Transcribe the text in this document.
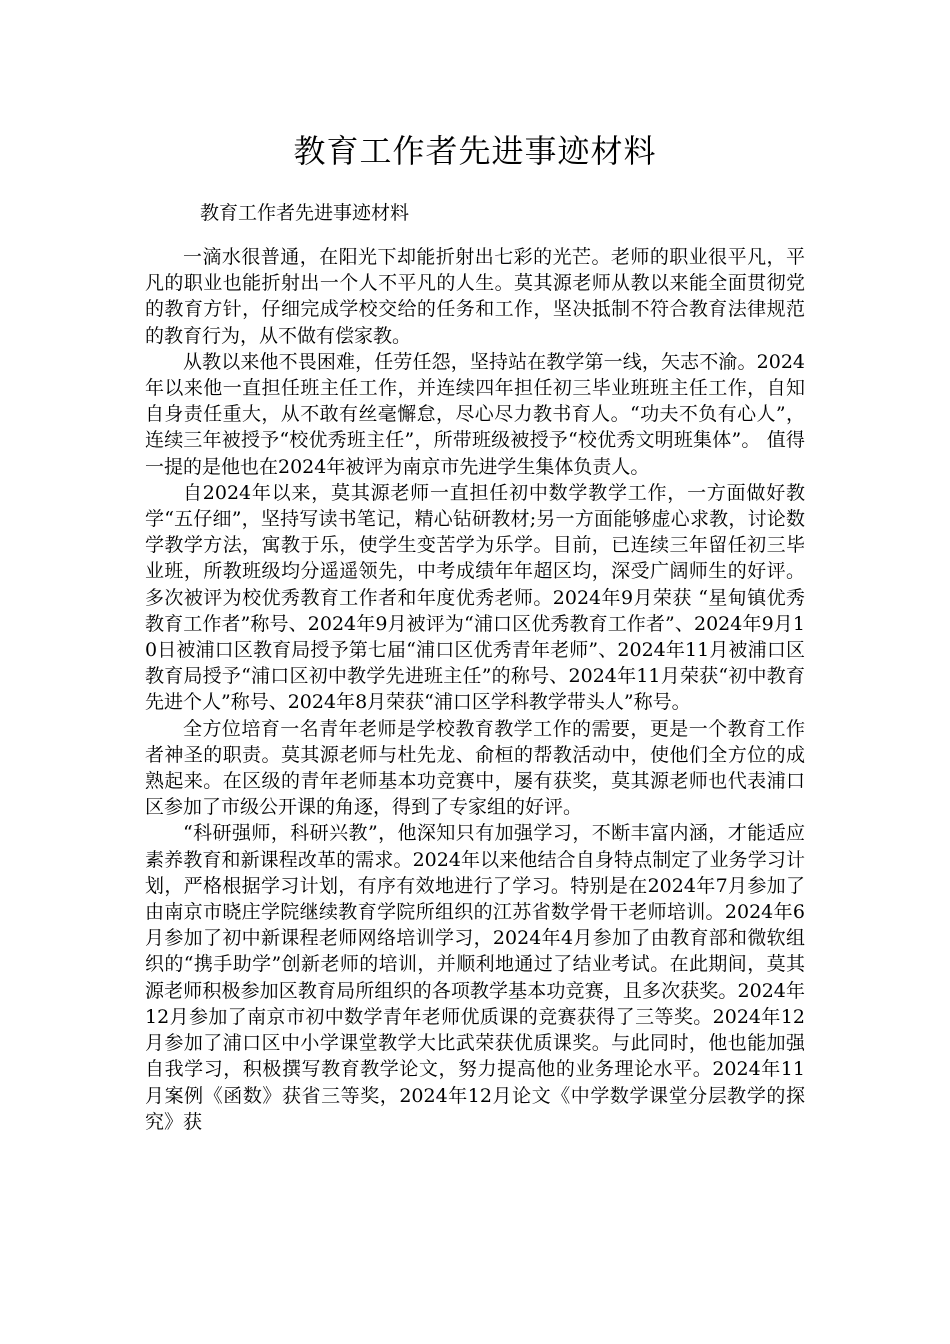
教育工作者先进事迹材料
教育工作者先进事迹材料

一滴水很普通，在阳光下却能折射出七彩的光芒。老师的职业很平凡，平凡的职业也能折射出一个人不平凡的人生。莫其源老师从教以来能全面贯彻党的教育方针，仔细完成学校交给的任务和工作，坚决抵制不符合教育法律规范的教育行为，从不做有偿家教。

从教以来他不畏困难，任劳任怨，坚持站在教学第一线，矢志不渝。2024年以来他一直担任班主任工作，并连续四年担任初三毕业班班主任工作，自知自身责任重大，从不敢有丝毫懈怠，尽心尽力教书育人。“功夫不负有心人”，连续三年被授予“校优秀班主任”，所带班级被授予“校优秀文明班集体”。 值得一提的是他也在2024年被评为南京市先进学生集体负责人。

自2024年以来，莫其源老师一直担任初中数学教学工作，一方面做好教学“五仔细”，坚持写读书笔记，精心钻研教材;另一方面能够虚心求教，讨论数学教学方法，寓教于乐，使学生变苦学为乐学。目前，已连续三年留任初三毕业班，所教班级均分遥遥领先，中考成绩年年超区均，深受广阔师生的好评。多次被评为校优秀教育工作者和年度优秀老师。2024年9月荣获 “星甸镇优秀教育工作者”称号、2024年9月被评为“浦口区优秀教育工作者”、2024年9月10日被浦口区教育局授予第七届“浦口区优秀青年老师”、2024年11月被浦口区教育局授予“浦口区初中教学先进班主任”的称号、2024年11月荣获“初中教育先进个人”称号、2024年8月荣获“浦口区学科教学带头人”称号。

全方位培育一名青年老师是学校教育教学工作的需要，更是一个教育工作者神圣的职责。莫其源老师与杜先龙、俞桓的帮教活动中，使他们全方位的成熟起来。在区级的青年老师基本功竞赛中，屡有获奖，莫其源老师也代表浦口区参加了市级公开课的角逐，得到了专家组的好评。

“科研强师，科研兴教”，他深知只有加强学习，不断丰富内涵，才能适应素养教育和新课程改革的需求。2024年以来他结合自身特点制定了业务学习计划，严格根据学习计划，有序有效地进行了学习。特别是在2024年7月参加了由南京市晓庄学院继续教育学院所组织的江苏省数学骨干老师培训。2024年6月参加了初中新课程老师网络培训学习，2024年4月参加了由教育部和微软组织的“携手助学”创新老师的培训，并顺利地通过了结业考试。在此期间，莫其源老师积极参加区教育局所组织的各项教学基本功竞赛，且多次获奖。2024年12月参加了南京市初中数学青年老师优质课的竞赛获得了三等奖。2024年12月参加了浦口区中小学课堂教学大比武荣获优质课奖。与此同时，他也能加强自我学习，积极撰写教育教学论文，努力提高他的业务理论水平。2024年11月案例《函数》获省三等奖，2024年12月论文《中学数学课堂分层教学的探究》获
